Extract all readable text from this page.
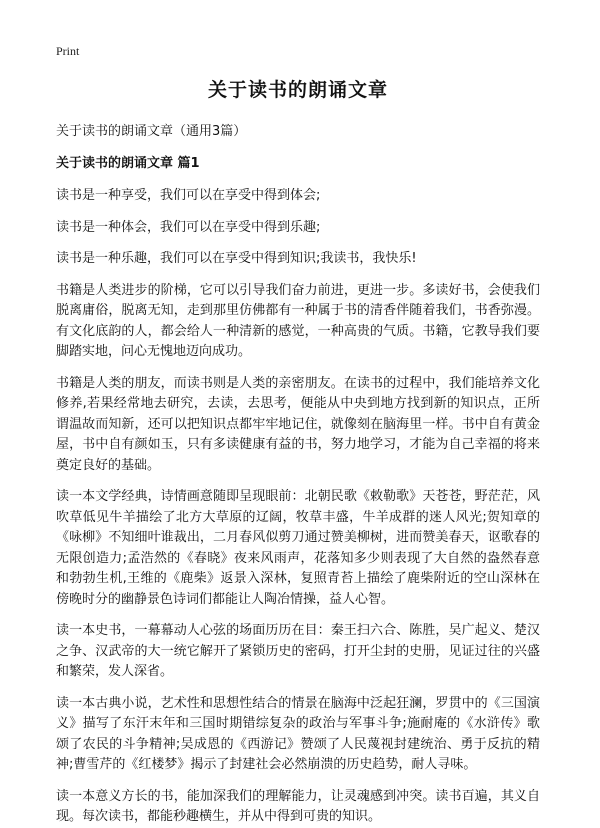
Print
关于读书的朗诵文章
关于读书的朗诵文章（通用3篇）
关于读书的朗诵文章 篇1

读书是一种享受，我们可以在享受中得到体会;

读书是一种体会，我们可以在享受中得到乐趣;

读书是一种乐趣，我们可以在享受中得到知识;我读书，我快乐!

书籍是人类进步的阶梯，它可以引导我们奋力前进，更进一步。多读好书，会使我们脱离庸俗，脱离无知，走到那里仿佛都有一种属于书的清香伴随着我们，书香弥漫。有文化底韵的人，都会给人一种清新的感觉，一种高贵的气质。书籍，它教导我们要脚踏实地，问心无愧地迈向成功。

书籍是人类的朋友，而读书则是人类的亲密朋友。在读书的过程中，我们能培养文化修养,若果经常地去研究，去读，去思考，便能从中央到地方找到新的知识点，正所谓温故而知新，还可以把知识点都牢牢地记住，就像刻在脑海里一样。书中自有黄金屋，书中自有颜如玉，只有多读健康有益的书，努力地学习，才能为自己幸福的将来奠定良好的基础。

读一本文学经典，诗情画意随即呈现眼前：北朝民歌《敕勒歌》天苍苍，野茫茫，风吹草低见牛羊描绘了北方大草原的辽阔，牧草丰盛，牛羊成群的迷人风光;贺知章的《咏柳》不知细叶谁裁出，二月春风似剪刀通过赞美柳树，进而赞美春天，讴歌春的无限创造力;孟浩然的《春晓》夜来风雨声，花落知多少则表现了大自然的盎然春意和勃勃生机,王维的《鹿柴》返景入深林，复照青苔上描绘了鹿柴附近的空山深林在傍晚时分的幽静景色诗词们都能让人陶冶情操，益人心智。

读一本史书，一幕幕动人心弦的场面历历在目：秦王扫六合、陈胜，吴广起义、楚汉之争、汉武帝的大一统它解开了紧锁历史的密码，打开尘封的史册，见证过往的兴盛和繁荣，发人深省。

读一本古典小说，艺术性和思想性结合的情景在脑海中泛起狂澜，罗贯中的《三国演义》描写了东汗末年和三国时期错综复杂的政治与军事斗争;施耐庵的《水浒传》歌颂了农民的斗争精神;吴成恩的《西游记》赞颂了人民蔑视封建统治、勇于反抗的精神;曹雪芹的《红楼梦》揭示了封建社会必然崩溃的历史趋势，耐人寻味。

读一本意义方长的书，能加深我们的理解能力，让灵魂感到冲突。读书百遍，其义自现。每次读书，都能秒趣横生，并从中得到可贵的知识。
